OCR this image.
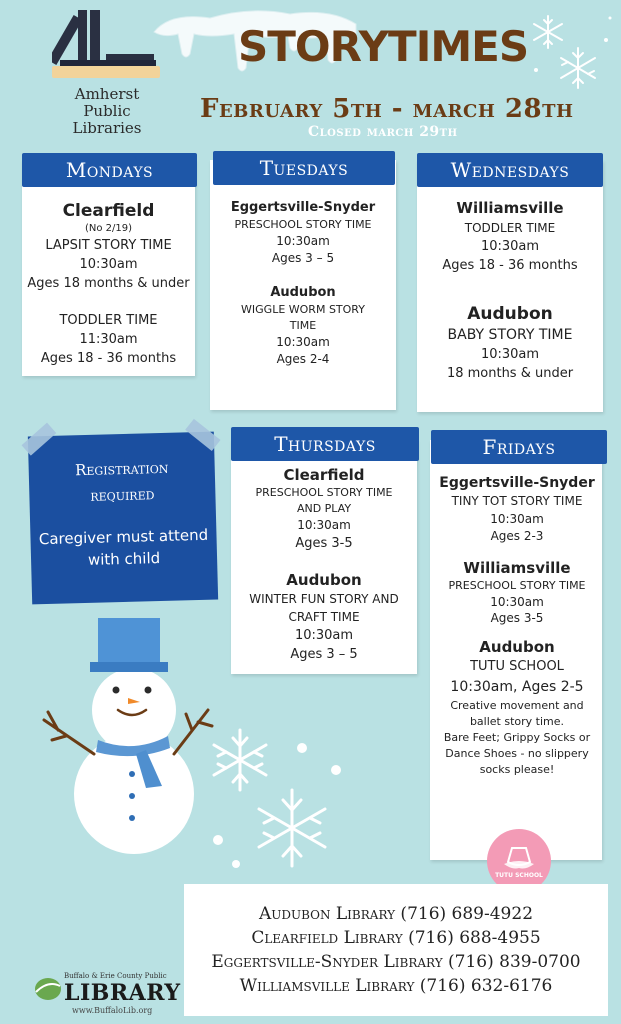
Amherst
Public
Libraries
STORYTIMES
February 5th - march 28th
Closed march 29th
Mondays
Clearfield
(No 2/19)
LAPSIT STORY TIME
10:30am
Ages 18 months & under
TODDLER TIME
11:30am
Ages 18 - 36 months
Tuesdays
Eggertsville-Snyder
PRESCHOOL STORY TIME
10:30am
Ages 3 – 5
Audubon
WIGGLE WORM STORY TIME
10:30am
Ages 2-4
Wednesdays
Williamsville
TODDLER TIME
10:30am
Ages 18 - 36 months
Audubon
BABY STORY TIME
10:30am
18 months & under
Registration
required
Caregiver must attend with child
Thursdays
Clearfield
PRESCHOOL STORY TIME AND PLAY
10:30am
Ages 3-5
Audubon
WINTER FUN STORY AND CRAFT TIME
10:30am
Ages 3 – 5
Fridays
Eggertsville-Snyder
TINY TOT STORY TIME
10:30am
Ages 2-3
Williamsville
PRESCHOOL STORY TIME
10:30am
Ages 3-5
Audubon
TUTU SCHOOL
10:30am, Ages 2-5
Creative movement and ballet story time.
Bare Feet; Grippy Socks or Dance Shoes - no slippery socks please!
TUTU SCHOOL
Audubon Library (716) 689-4922
Clearfield Library (716) 688-4955
Eggertsville-Snyder Library (716) 839-0700
Williamsville Library (716) 632-6176
Buffalo & Erie County Public
LIBRARY
www.BuffaloLib.org
